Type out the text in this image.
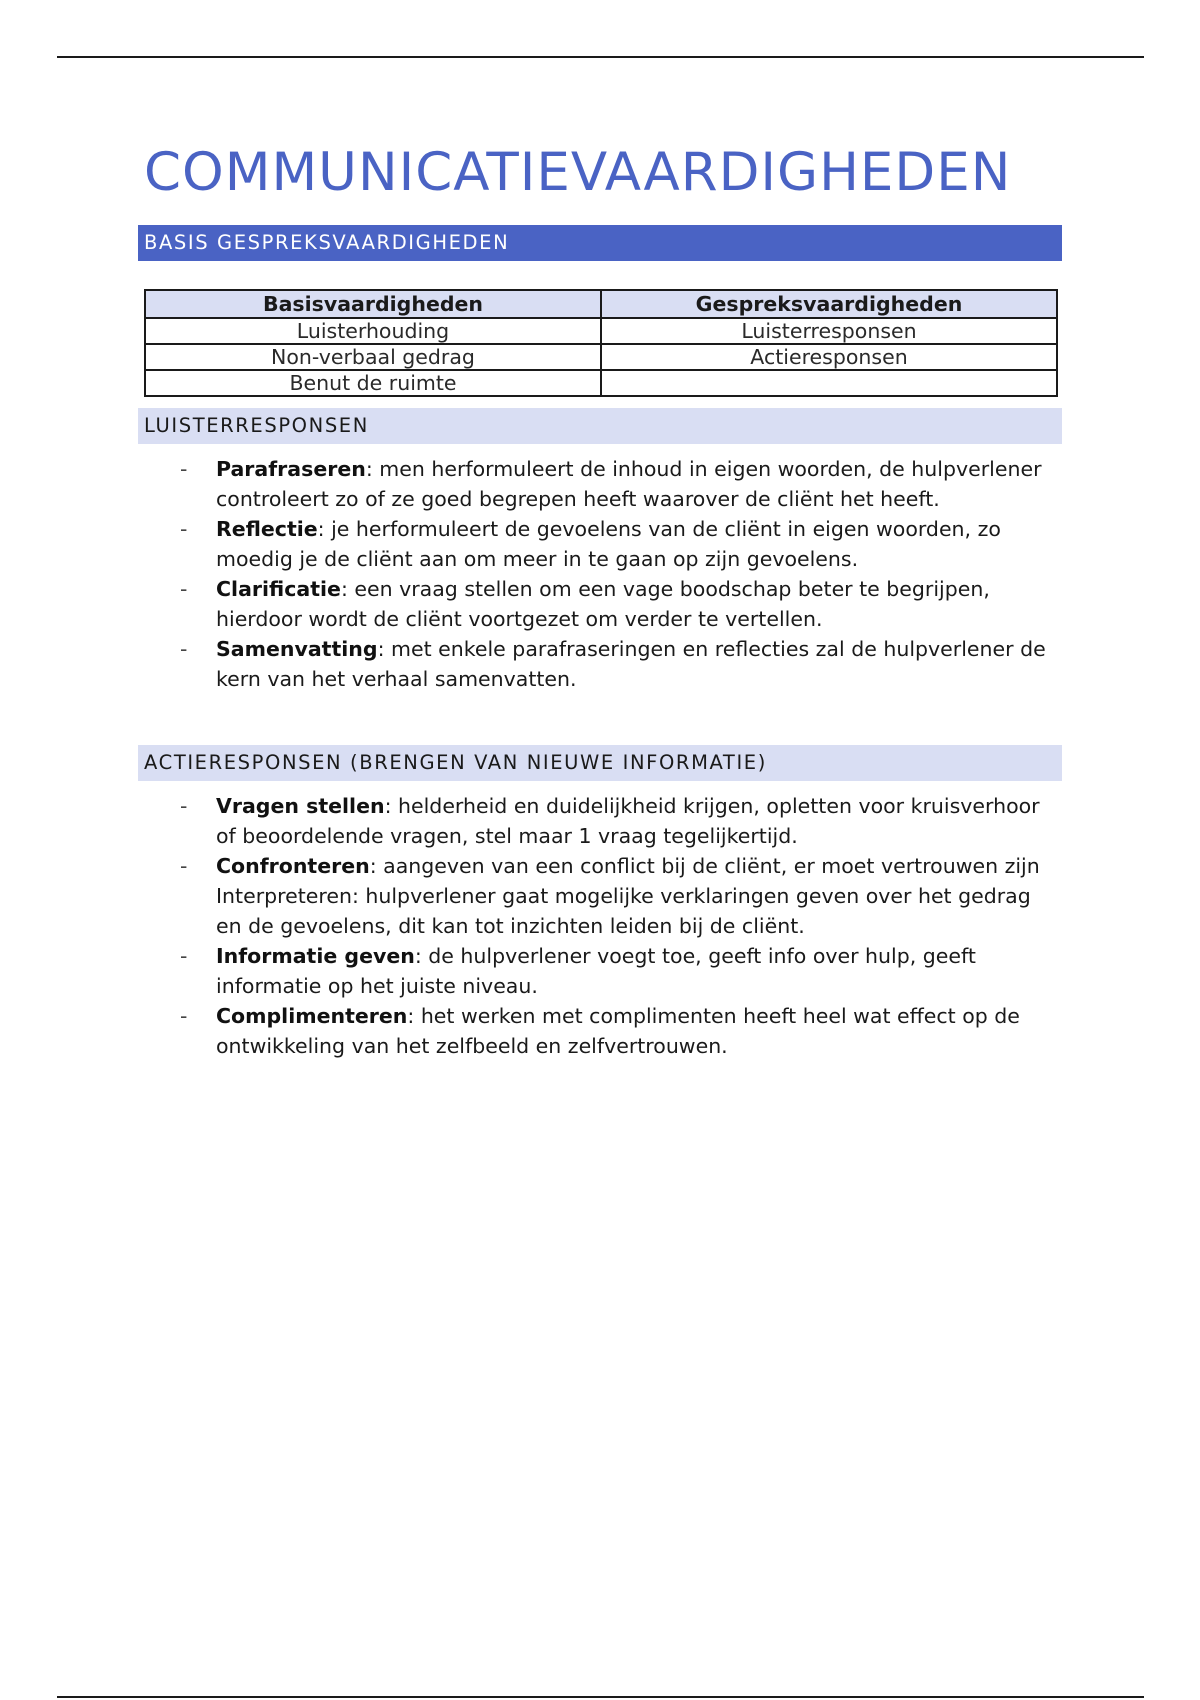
COMMUNICATIEVAARDIGHEDEN
BASIS GESPREKSVAARDIGHEDEN
Basisvaardigheden	Gespreksvaardigheden
Luisterhouding	Luisterresponsen
Non-verbaal gedrag	Actieresponsen
Benut de ruimte	
LUISTERRESPONSEN
- Parafraseren: men herformuleert de inhoud in eigen woorden, de hulpverlener controleert zo of ze goed begrepen heeft waarover de cliënt het heeft.
- Reflectie: je herformuleert de gevoelens van de cliënt in eigen woorden, zo moedig je de cliënt aan om meer in te gaan op zijn gevoelens.
- Clarificatie: een vraag stellen om een vage boodschap beter te begrijpen, hierdoor wordt de cliënt voortgezet om verder te vertellen.
- Samenvatting: met enkele parafraseringen en reflecties zal de hulpverlener de kern van het verhaal samenvatten.
ACTIERESPONSEN (BRENGEN VAN NIEUWE INFORMATIE)
- Vragen stellen: helderheid en duidelijkheid krijgen, opletten voor kruisverhoor of beoordelende vragen, stel maar 1 vraag tegelijkertijd.
- Confronteren: aangeven van een conflict bij de cliënt, er moet vertrouwen zijn Interpreteren: hulpverlener gaat mogelijke verklaringen geven over het gedrag en de gevoelens, dit kan tot inzichten leiden bij de cliënt.
- Informatie geven: de hulpverlener voegt toe, geeft info over hulp, geeft informatie op het juiste niveau.
- Complimenteren: het werken met complimenten heeft heel wat effect op de ontwikkeling van het zelfbeeld en zelfvertrouwen.
